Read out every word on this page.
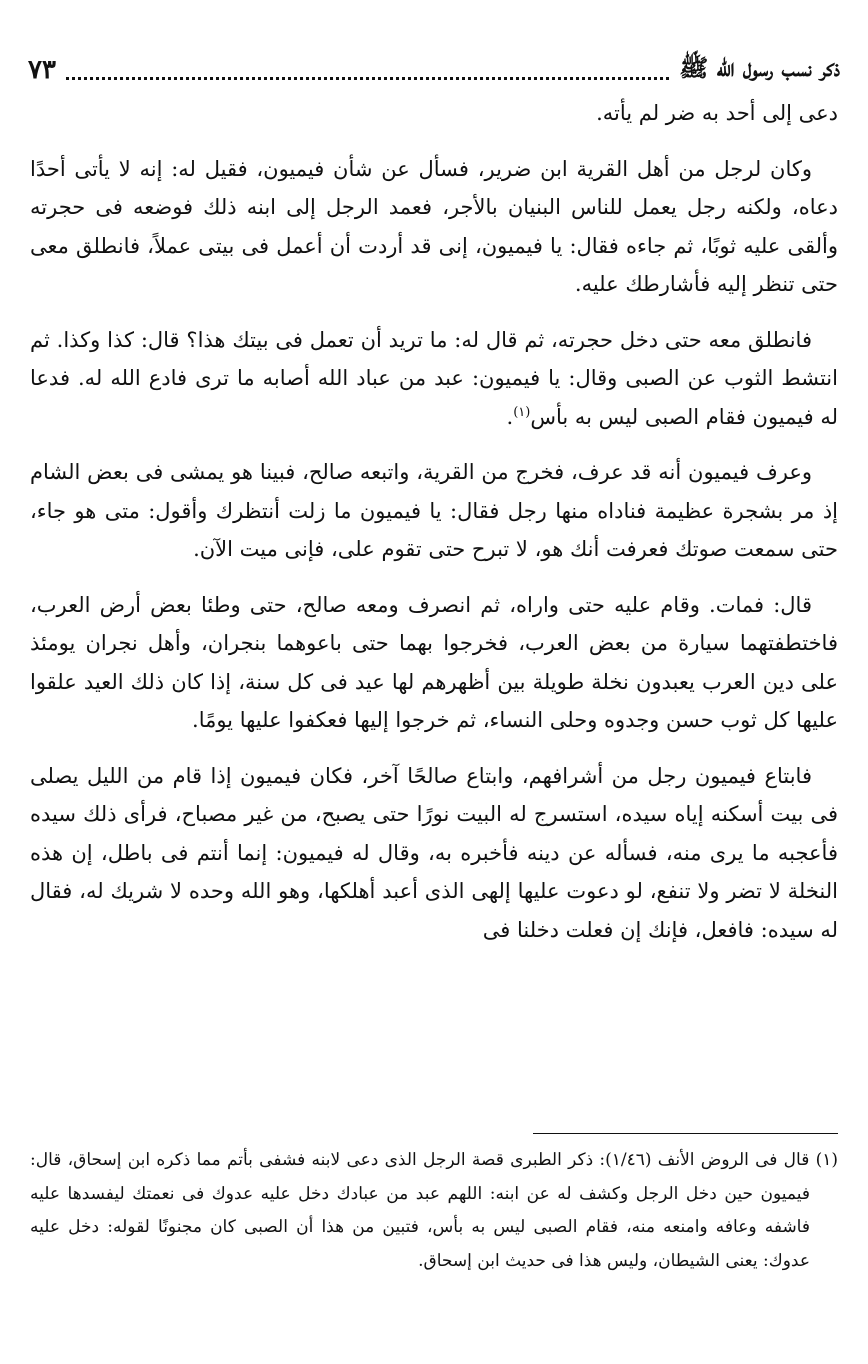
ذكر نسب رسول الله ﷺ
٧٣

دعى إلى أحد به ضر لم يأته.

وكان لرجل من أهل القرية ابن ضرير، فسأل عن شأن فيميون، فقيل له: إنه لا يأتى أحدًا دعاه، ولكنه رجل يعمل للناس البنيان بالأجر، فعمد الرجل إلى ابنه ذلك فوضعه فى حجرته وألقى عليه ثوبًا، ثم جاءه فقال: يا فيميون، إنى قد أردت أن أعمل فى بيتى عملاً، فانطلق معى حتى تنظر إليه فأشارطك عليه.

فانطلق معه حتى دخل حجرته، ثم قال له: ما تريد أن تعمل فى بيتك هذا؟ قال: كذا وكذا. ثم انتشط الثوب عن الصبى وقال: يا فيميون: عبد من عباد الله أصابه ما ترى فادع الله له. فدعا له فيميون فقام الصبى ليس به بأس$^{(١)}$.

وعرف فيميون أنه قد عرف، فخرج من القرية، واتبعه صالح، فبينا هو يمشى فى بعض الشام إذ مر بشجرة عظيمة فناداه منها رجل فقال: يا فيميون ما زلت أنتظرك وأقول: متى هو جاء، حتى سمعت صوتك فعرفت أنك هو، لا تبرح حتى تقوم على، فإنى ميت الآن.

قال: فمات. وقام عليه حتى واراه، ثم انصرف ومعه صالح، حتى وطئا بعض أرض العرب، فاختطفتهما سيارة من بعض العرب، فخرجوا بهما حتى باعوهما بنجران، وأهل نجران يومئذ على دين العرب يعبدون نخلة طويلة بين أظهرهم لها عيد فى كل سنة، إذا كان ذلك العيد علقوا عليها كل ثوب حسن وجدوه وحلى النساء، ثم خرجوا إليها فعكفوا عليها يومًا.

فابتاع فيميون رجل من أشرافهم، وابتاع صالحًا آخر، فكان فيميون إذا قام من الليل يصلى فى بيت أسكنه إياه سيده، استسرج له البيت نورًا حتى يصبح، من غير مصباح، فرأى ذلك سيده فأعجبه ما يرى منه، فسأله عن دينه فأخبره به، وقال له فيميون: إنما أنتم فى باطل، إن هذه النخلة لا تضر ولا تنفع، لو دعوت عليها إلهى الذى أعبد أهلكها، وهو الله وحده لا شريك له، فقال له سيده: فافعل، فإنك إن فعلت دخلنا فى

(١) قال فى الروض الأنف (١/٤٦): ذكر الطبرى قصة الرجل الذى دعى لابنه فشفى بأتم مما ذكره ابن إسحاق، قال: فيميون حين دخل الرجل وكشف له عن ابنه: اللهم عبد من عبادك دخل عليه عدوك فى نعمتك ليفسدها عليه فاشفه وعافه وامنعه منه، فقام الصبى ليس به بأس، فتبين من هذا أن الصبى كان مجنونًا لقوله: دخل عليه عدوك: يعنى الشيطان، وليس هذا فى حديث ابن إسحاق.
